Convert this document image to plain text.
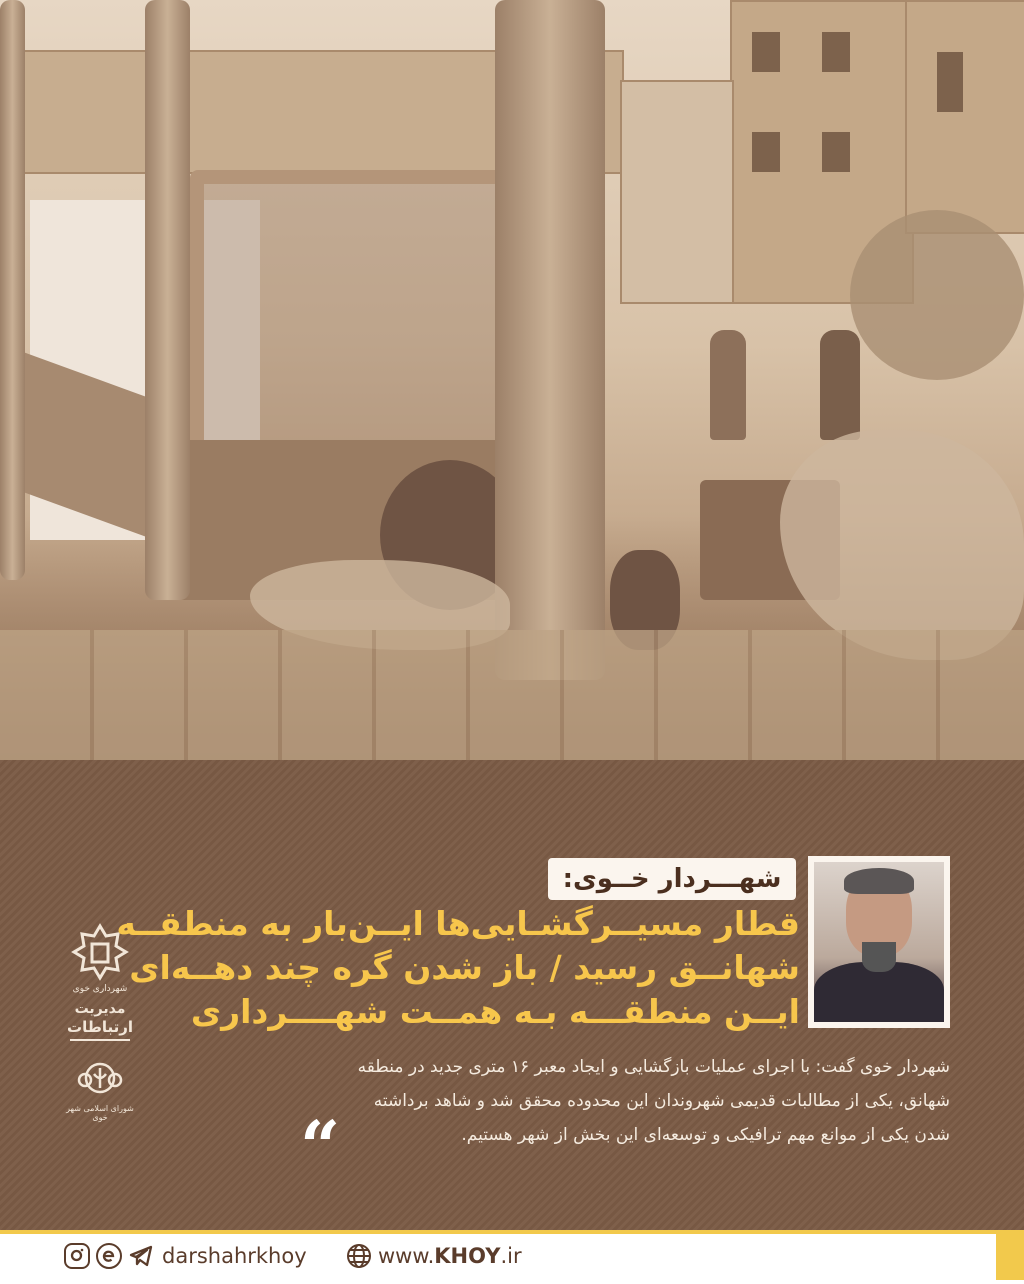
شهرداری خوی
مدیریت
ارتباطات
شورای اسلامی شهر خوی
شهـــردار خــوی:
قطار مسیــرگشـایی‌ها ایــن‌بار به منطقــه
شهانــق رسید / باز شدن گره چند دهــه‌ای
ایــن منطقـــه بـه همــت شهــــرداری
شهردار خوی گفت: با اجرای عملیات بازگشایی و ایجاد معبر ۱۶ متری جدید در منطقه
شهانق، یکی از مطالبات قدیمی شهروندان این محدوده محقق شد و شاهد برداشته
شدن یکی از موانع مهم ترافیکی و توسعه‌ای این بخش از شهر هستیم.
“
darshahrkhoy	www.KHOY.ir
